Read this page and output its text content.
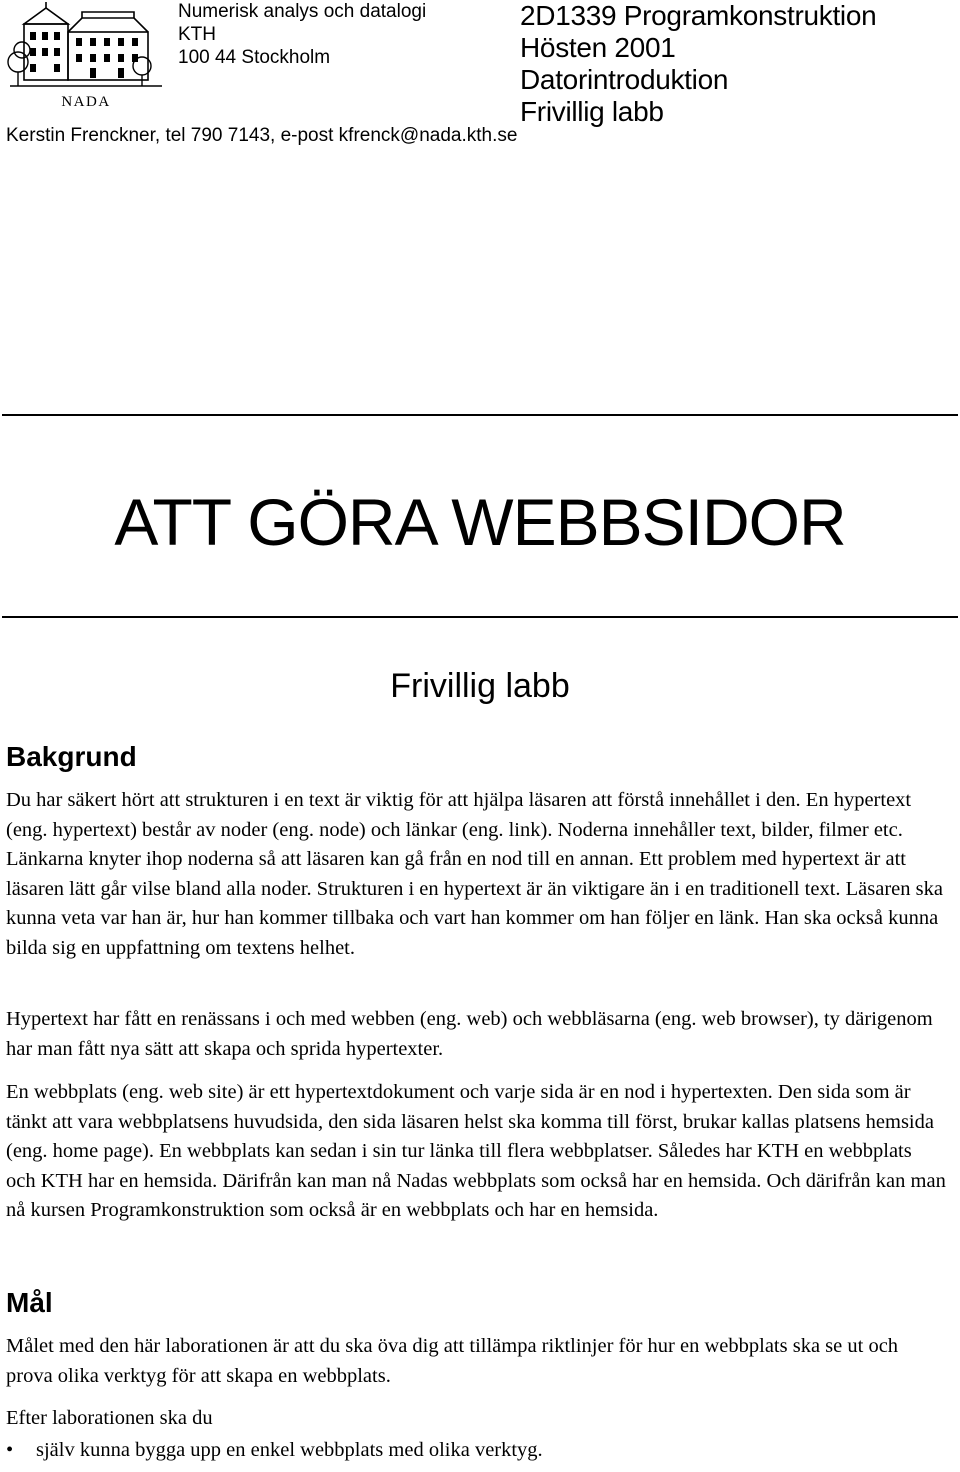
NADA
Numerisk analys och datalogi
KTH
100 44 Stockholm
2D1339 Programkonstruktion
Hösten 2001
Datorintroduktion
Frivillig labb
Kerstin Frenckner, tel 790 7143, e-post kfrenck@nada.kth.se
ATT GÖRA WEBBSIDOR
Frivillig labb
Bakgrund

Du har säkert hört att strukturen i en text är viktig för att hjälpa läsaren att förstå innehållet i den. En hypertext (eng. hypertext) består av noder (eng. node) och länkar (eng. link). Noderna innehåller text, bilder, filmer etc. Länkarna knyter ihop noderna så att läsaren kan gå från en nod till en annan. Ett problem med hypertext är att läsaren lätt går vilse bland alla noder. Strukturen i en hypertext är än viktigare än i en traditionell text. Läsaren ska kunna veta var han är, hur han kommer tillbaka och vart han kommer om han följer en länk. Han ska också kunna bilda sig en uppfattning om textens helhet.

Hypertext har fått en renässans i och med webben (eng. web) och webbläsarna (eng. web browser), ty därigenom har man fått nya sätt att skapa och sprida hypertexter.

En webbplats (eng. web site) är ett hypertextdokument och varje sida är en nod i hypertexten. Den sida som är tänkt att vara webbplatsens huvudsida, den sida läsaren helst ska komma till först, brukar kallas platsens hemsida (eng. home page). En webbplats kan sedan i sin tur länka till flera webbplatser. Således har KTH en webbplats och KTH har en hemsida. Därifrån kan man nå Nadas webbplats som också har en hemsida. Och därifrån kan man nå kursen Programkonstruktion som också är en webbplats och har en hemsida.

Mål

Målet med den här laborationen är att du ska öva dig att tillämpa riktlinjer för hur en webbplats ska se ut och prova olika verktyg för att skapa en webbplats.

Efter laborationen ska du

• själv kunna bygga upp en enkel webbplats med olika verktyg.
